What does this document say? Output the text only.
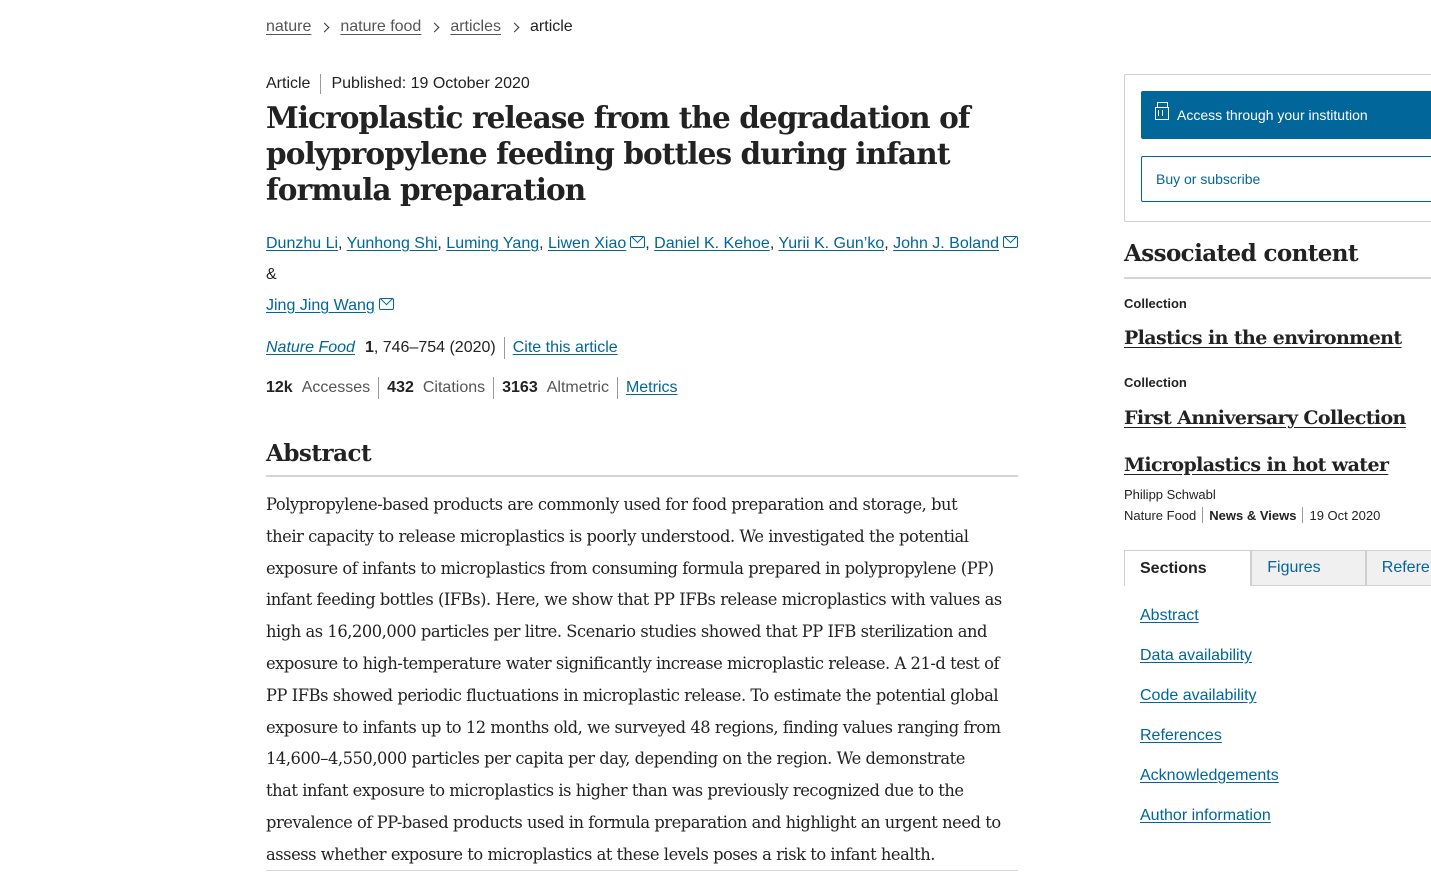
nature nature food articles article
Article Published: 19 October 2020
Microplastic release from the degradation of polypropylene feeding bottles during infant formula preparation
Dunzhu Li, Yunhong Shi, Luming Yang, Liwen Xiao , Daniel K. Kehoe, Yurii K. Gun’ko, John J. Boland &
Jing Jing Wang
Nature Food 1 , 746–754 (2020) Cite this article
12k Accesses 432 Citations 3163 Altmetric Metrics
Abstract
Polypropylene-based products are commonly used for food preparation and storage, but
their capacity to release microplastics is poorly understood. We investigated the potential
exposure of infants to microplastics from consuming formula prepared in polypropylene (PP)
infant feeding bottles (IFBs). Here, we show that PP IFBs release microplastics with values as
high as 16,200,000 particles per litre. Scenario studies showed that PP IFB sterilization and
exposure to high-temperature water significantly increase microplastic release. A 21-d test of
PP IFBs showed periodic fluctuations in microplastic release. To estimate the potential global
exposure to infants up to 12 months old, we surveyed 48 regions, finding values ranging from
14,600–4,550,000 particles per capita per day, depending on the region. We demonstrate
that infant exposure to microplastics is higher than was previously recognized due to the
prevalence of PP-based products used in formula preparation and highlight an urgent need to
assess whether exposure to microplastics at these levels poses a risk to infant health.
Access through your institution
Buy or subscribe
Associated content
Collection
Plastics in the environment
Collection
First Anniversary Collection
Microplastics in hot water
Philipp Schwabl
Nature Food News & Views 19 Oct 2020
Sections	Figures	Refere
Abstract
Data availability
Code availability
References
Acknowledgements
Author information
